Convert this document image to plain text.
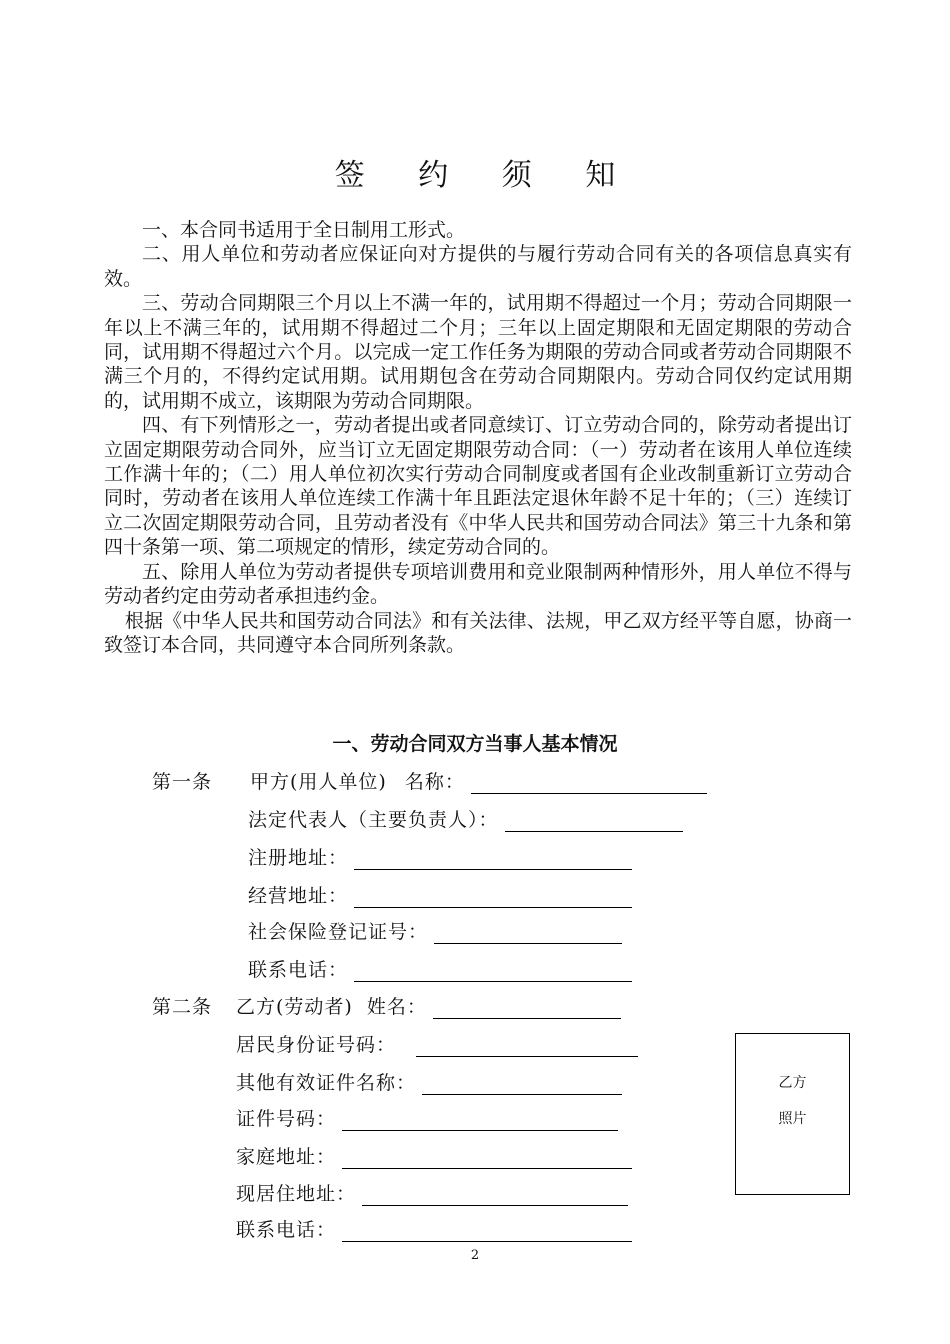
签 约 须 知

一、本合同书适用于全日制用工形式。

二、用人单位和劳动者应保证向对方提供的与履行劳动合同有关的各项信息真实有效。

三、劳动合同期限三个月以上不满一年的，试用期不得超过一个月；劳动合同期限一年以上不满三年的，试用期不得超过二个月；三年以上固定期限和无固定期限的劳动合同，试用期不得超过六个月。以完成一定工作任务为期限的劳动合同或者劳动合同期限不满三个月的，不得约定试用期。试用期包含在劳动合同期限内。劳动合同仅约定试用期的，试用期不成立，该期限为劳动合同期限。

四、有下列情形之一，劳动者提出或者同意续订、订立劳动合同的，除劳动者提出订立固定期限劳动合同外，应当订立无固定期限劳动合同：（一）劳动者在该用人单位连续工作满十年的；（二）用人单位初次实行劳动合同制度或者国有企业改制重新订立劳动合同时，劳动者在该用人单位连续工作满十年且距法定退休年龄不足十年的；（三）连续订立二次固定期限劳动合同，且劳动者没有《中华人民共和国劳动合同法》第三十九条和第四十条第一项、第二项规定的情形，续定劳动合同的。

五、除用人单位为劳动者提供专项培训费用和竞业限制两种情形外，用人单位不得与劳动者约定由劳动者承担违约金。

根据《中华人民共和国劳动合同法》和有关法律、法规，甲乙双方经平等自愿，协商一致签订本合同，共同遵守本合同所列条款。

一、劳动合同双方当事人基本情况
第一条 甲方(用人单位) 名称：
法定代表人（主要负责人）：
注册地址：
经营地址：
社会保险登记证号：
联系电话：
第二条 乙方(劳动者) 姓名：
居民身份证号码：
其他有效证件名称：
证件号码：
家庭地址：
现居住地址：
联系电话：
乙方
照片
2
